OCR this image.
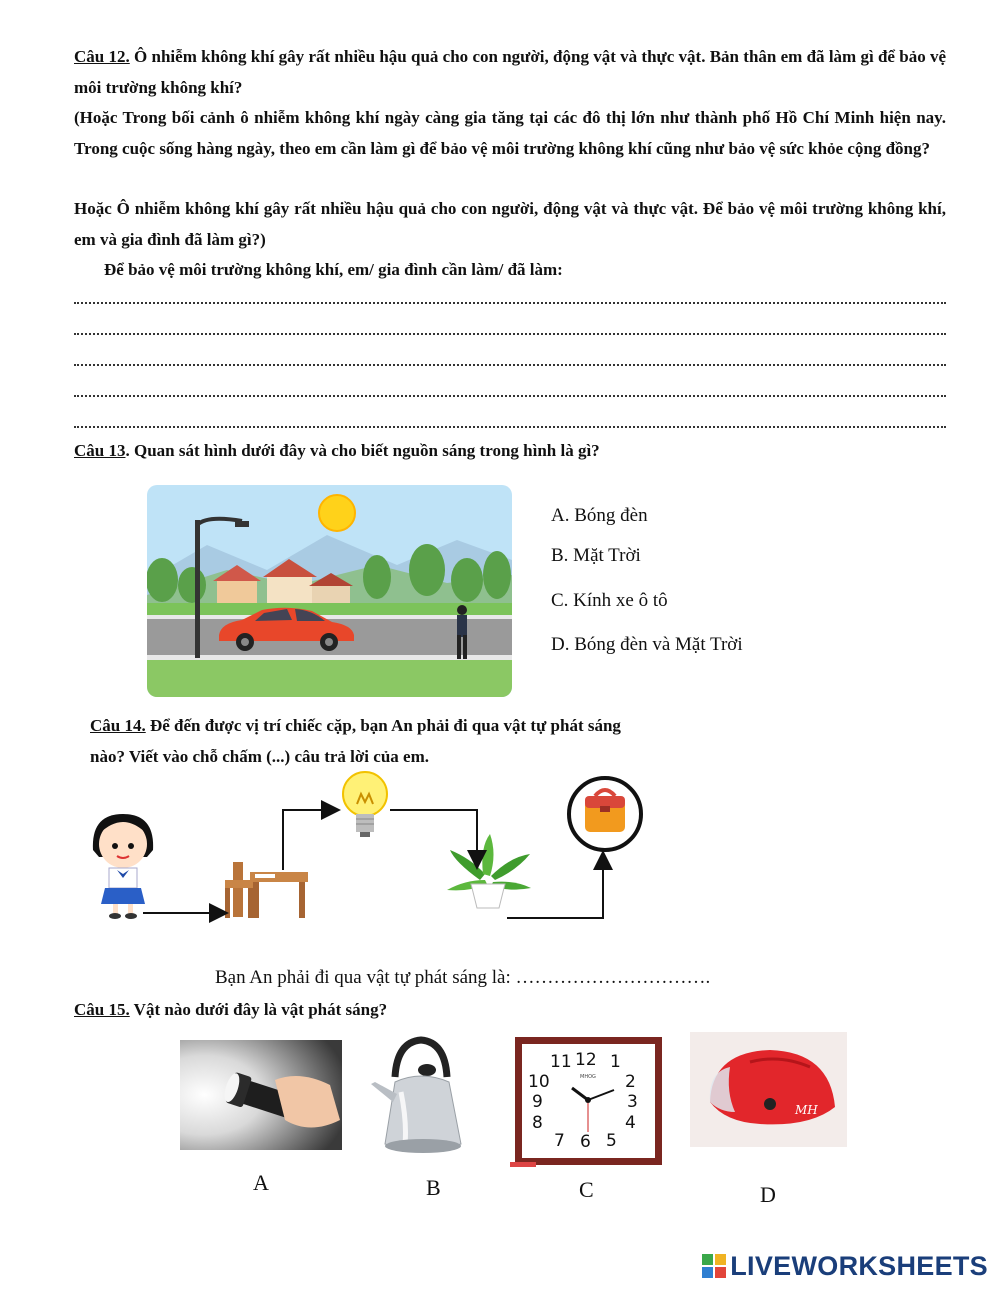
Câu 12. Ô nhiễm không khí gây rất nhiều hậu quả cho con người, động vật và thực vật. Bản thân em đã làm gì để bảo vệ môi trường không khí?
(Hoặc Trong bối cảnh ô nhiễm không khí ngày càng gia tăng tại các đô thị lớn như thành phố Hồ Chí Minh hiện nay. Trong cuộc sống hàng ngày, theo em cần làm gì để bảo vệ môi trường không khí cũng như bảo vệ sức khỏe cộng đồng?
Hoặc Ô nhiễm không khí gây rất nhiều hậu quả cho con người, động vật và thực vật. Để bảo vệ môi trường không khí, em và gia đình đã làm gì?)
Để bảo vệ môi trường không khí, em/ gia đình cần làm/ đã làm:
Câu 13. Quan sát hình dưới đây và cho biết nguồn sáng trong hình là gì?
A. Bóng đèn
B. Mặt Trời
C. Kính xe ô tô
D. Bóng đèn và Mặt Trời
Câu 14. Để đến được vị trí chiếc cặp, bạn An phải đi qua vật tự phát sáng nào? Viết vào chỗ chấm (...) câu trả lời của em.
Bạn An phải đi qua vật tự phát sáng là: ………………………….
Câu 15. Vật nào dưới đây là vật phát sáng?
A	B
11 12 1
10	2
9	3
8	4
7 6 5
MHOG
C
MH
D
LIVEWORKSHEETS
